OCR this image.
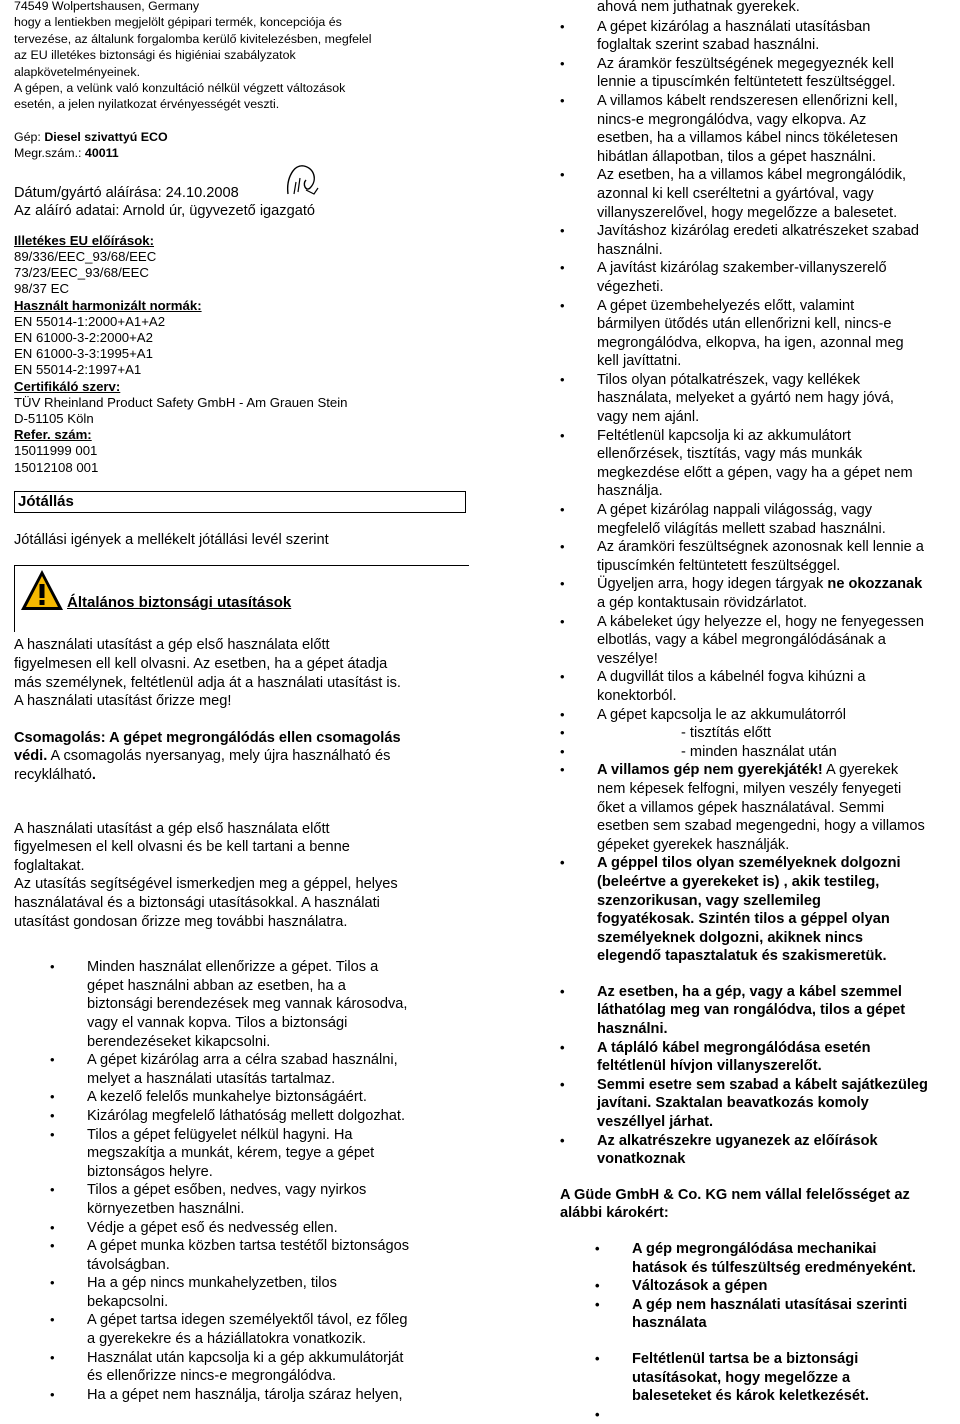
74549 Wolpertshausen, Germany
hogy a lentiekben megjelölt gépipari termék, koncepciója és
tervezése, az általunk forgalomba kerülő kivitelezésben, megfelel
az EU illetékes biztonsági és higiéniai szabályzatok
alapkövetelményeinek.
A gépen, a velünk való konzultáció nélkül végzett változások
esetén, a jelen nyilatkozat érvényességét veszti.

Gép: Diesel szivattyú ECO

Megr.szám.: 40011

Dátum/gyártó aláírása: 24.10.2008

Az aláíró adatai: Arnold úr, ügyvezető igazgató

Illetékes EU előírások:

89/336/EEC_93/68/EEC
73/23/EEC_93/68/EEC
98/37 EC

Használt harmonizált normák:

EN 55014-1:2000+A1+A2
EN 61000-3-2:2000+A2
EN 61000-3-3:1995+A1
EN 55014-2:1997+A1

Certifikáló szerv:

TÜV Rheinland Product Safety GmbH - Am Grauen Stein
D-51105 Köln

Refer. szám:

15011999 001
15012108 001
Jótállás

Jótállási igények a mellékelt jótállási levél szerint

Általános biztonsági utasítások
A használati utasítást a gép első használata előtt
figyelmesen ell kell olvasni. Az esetben, ha a gépet átadja
más személynek, feltétlenül adja át a használati utasítást is.
A használati utasítást őrizze meg!
Csomagolás: A gépet megrongálódás ellen csomagolás
védi. A csomagolás nyersanyag, mely újra használható és
recyklálható.
A használati utasítást a gép első használata előtt
figyelmesen el kell olvasni és be kell tartani a benne
foglaltakat.
Az utasítás segítségével ismerkedjen meg a géppel, helyes
használatával és a biztonsági utasításokkal. A használati
utasítást gondosan őrizze meg további használatra.
• Minden használat ellenőrizze a gépet. Tilos a
gépet használni abban az esetben, ha a
biztonsági berendezések meg vannak károsodva,
vagy el vannak kopva. Tilos a biztonsági
berendezéseket kikapcsolni.
• A gépet kizárólag arra a célra szabad használni,
melyet a használati utasítás tartalmaz.
• A kezelő felelős munkahelye biztonságáért.
• Kizárólag megfelelő láthatóság mellett dolgozhat.
• Tilos a gépet felügyelet nélkül hagyni. Ha
megszakítja a munkát, kérem, tegye a gépet
biztonságos helyre.
• Tilos a gépet esőben, nedves, vagy nyirkos
környezetben használni.
• Védje a gépet eső és nedvesség ellen.
• A gépet munka közben tartsa testétől biztonságos
távolságban.
• Ha a gép nincs munkahelyzetben, tilos
bekapcsolni.
• A gépet tartsa idegen személyektől távol, ez főleg
a gyerekekre és a háziállatokra vonatkozik.
• Használat után kapcsolja ki a gép akkumulátorját
és ellenőrizze nincs-e megrongálódva.
• Ha a gépet nem használja, tárolja száraz helyen,

ahová nem juthatnak gyerekek.

• A gépet kizárólag a használati utasításban
foglaltak szerint szabad használni.
• Az áramkör feszültségének megegyeznék kell
lennie a tipuscímkén feltüntetett feszültséggel.
• A villamos kábelt rendszeresen ellenőrizni kell,
nincs-e megrongálódva, vagy elkopva. Az
esetben, ha a villamos kábel nincs tökéletesen
hibátlan állapotban, tilos a gépet használni.
• Az esetben, ha a villamos kábel megrongálódik,
azonnal ki kell cseréltetni a gyártóval, vagy
villanyszerelővel, hogy megelőzze a balesetet.
• Javításhoz kizárólag eredeti alkatrészeket szabad
használni.
• A javítást kizárólag szakember-villanyszerelő
végezheti.
• A gépet üzembehelyezés előtt, valamint
bármilyen ütődés után ellenőrizni kell, nincs-e
megrongálódva, elkopva, ha igen, azonnal meg
kell javíttatni.
• Tilos olyan pótalkatrészek, vagy kellékek
használata, melyeket a gyártó nem hagy jóvá,
vagy nem ajánl.
• Feltétlenül kapcsolja ki az akkumulátort
ellenőrzések, tisztítás, vagy más munkák
megkezdése előtt a gépen, vagy ha a gépet nem
használja.
• A gépet kizárólag nappali világosság, vagy
megfelelő világítás mellett szabad használni.
• Az áramköri feszültségnek azonosnak kell lennie a
tipuscímkén feltüntetett feszültséggel.
• Ügyeljen arra, hogy idegen tárgyak ne okozzanak
a gép kontaktusain rövidzárlatot.
• A kábeleket úgy helyezze el, hogy ne fenyegessen
elbotlás, vagy a kábel megrongálódásának a
veszélye!
• A dugvillát tilos a kábelnél fogva kihúzni a
konektorból.
• A gépet kapcsolja le az akkumulátorról
• - tisztítás előtt
• - minden használat után
• A villamos gép nem gyerekjáték! A gyerekek
nem képesek felfogni, milyen veszély fenyegeti
őket a villamos gépek használatával. Semmi
esetben sem szabad megengedni, hogy a villamos
gépeket gyerekek használják.
• A géppel tilos olyan személyeknek dolgozni
(beleértve a gyerekeket is) , akik testileg,
szenzorikusan, vagy szellemileg
fogyatékosak. Szintén tilos a géppel olyan
személyeknek dolgozni, akiknek nincs
elegendő tapasztalatuk és szakismeretük.
• Az esetben, ha a gép, vagy a kábel szemmel
láthatólag meg van rongálódva, tilos a gépet
használni.
• A tápláló kábel megrongálódása esetén
feltétlenül hívjon villanyszerelőt.
• Semmi esetre sem szabad a kábelt sajátkezüleg
javítani. Szaktalan beavatkozás komoly
veszéllyel járhat.
• Az alkatrészekre ugyanezek az előírások
vonatkoznak
A Güde GmbH & Co. KG nem vállal felelősséget az
alábbi károkért:
• A gép megrongálódása mechanikai
hatások és túlfeszültség eredményeként.
• Változások a gépen
• A gép nem használati utasításai szerinti
használata
• Feltétlenül tartsa be a biztonsági
utasításokat, hogy megelőzze a
baleseteket és károk keletkezését.
•
